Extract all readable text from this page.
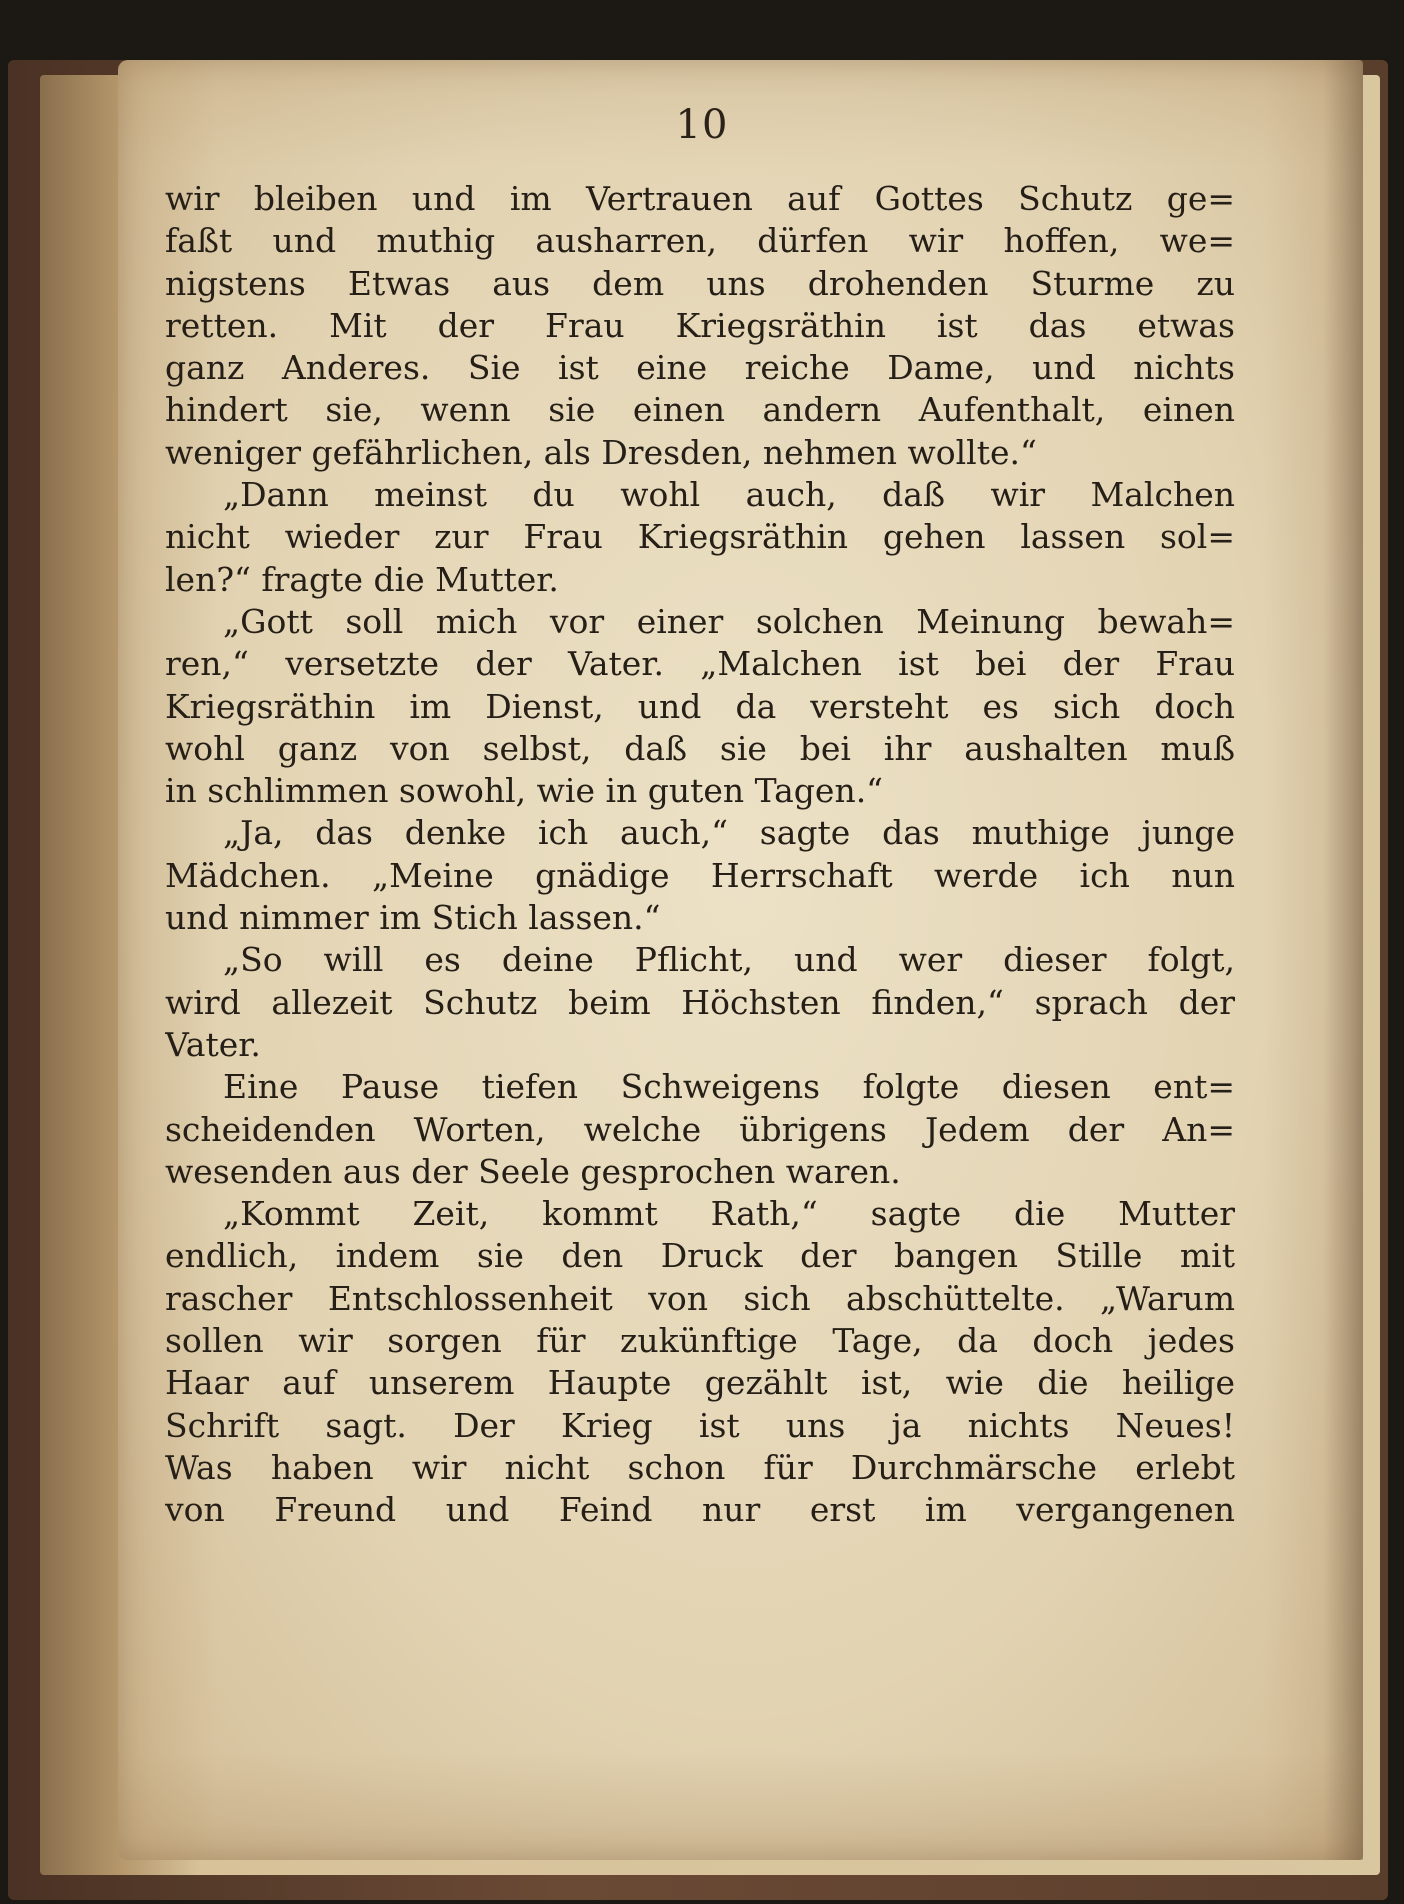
10
wir bleiben und im Vertrauen auf Gottes Schutz ge=
faßt und muthig ausharren, dürfen wir hoffen, we=
nigstens Etwas aus dem uns drohenden Sturme zu
retten. Mit der Frau Kriegsräthin ist das etwas
ganz Anderes. Sie ist eine reiche Dame, und nichts
hindert sie, wenn sie einen andern Aufenthalt, einen
weniger gefährlichen, als Dresden, nehmen wollte.“
„Dann meinst du wohl auch, daß wir Malchen
nicht wieder zur Frau Kriegsräthin gehen lassen sol=
len?“ fragte die Mutter.
„Gott soll mich vor einer solchen Meinung bewah=
ren,“ versetzte der Vater. „Malchen ist bei der Frau
Kriegsräthin im Dienst, und da versteht es sich doch
wohl ganz von selbst, daß sie bei ihr aushalten muß
in schlimmen sowohl, wie in guten Tagen.“
„Ja, das denke ich auch,“ sagte das muthige junge
Mädchen. „Meine gnädige Herrschaft werde ich nun
und nimmer im Stich lassen.“
„So will es deine Pflicht, und wer dieser folgt,
wird allezeit Schutz beim Höchsten finden,“ sprach der
Vater.
Eine Pause tiefen Schweigens folgte diesen ent=
scheidenden Worten, welche übrigens Jedem der An=
wesenden aus der Seele gesprochen waren.
„Kommt Zeit, kommt Rath,“ sagte die Mutter
endlich, indem sie den Druck der bangen Stille mit
rascher Entschlossenheit von sich abschüttelte. „Warum
sollen wir sorgen für zukünftige Tage, da doch jedes
Haar auf unserem Haupte gezählt ist, wie die heilige
Schrift sagt. Der Krieg ist uns ja nichts Neues!
Was haben wir nicht schon für Durchmärsche erlebt
von Freund und Feind nur erst im vergangenen
